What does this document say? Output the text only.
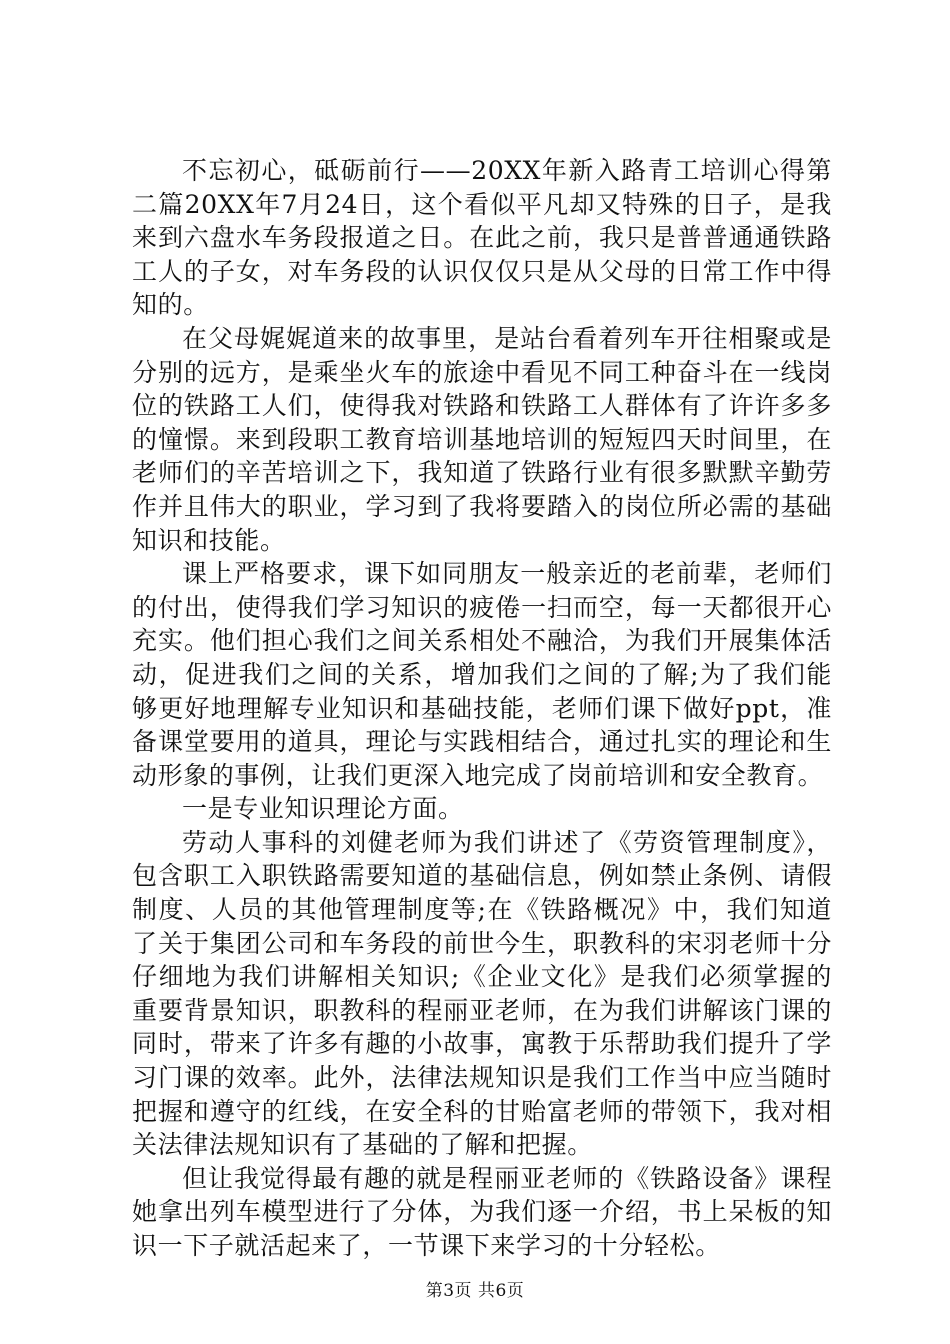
不忘初心，砥砺前行——20XX年新入路青工培训心得第二篇20XX年7月24日，这个看似平凡却又特殊的日子，是我来到六盘水车务段报道之日。在此之前，我只是普普通通铁路工人的子女，对车务段的认识仅仅只是从父母的日常工作中得知的。

在父母娓娓道来的故事里，是站台看着列车开往相聚或是分别的远方，是乘坐火车的旅途中看见不同工种奋斗在一线岗位的铁路工人们，使得我对铁路和铁路工人群体有了许许多多的憧憬。来到段职工教育培训基地培训的短短四天时间里，在老师们的辛苦培训之下，我知道了铁路行业有很多默默辛勤劳作并且伟大的职业，学习到了我将要踏入的岗位所必需的基础知识和技能。

课上严格要求，课下如同朋友一般亲近的老前辈，老师们的付出，使得我们学习知识的疲倦一扫而空，每一天都很开心充实。他们担心我们之间关系相处不融洽，为我们开展集体活动，促进我们之间的关系，增加我们之间的了解;为了我们能够更好地理解专业知识和基础技能，老师们课下做好ppt，准备课堂要用的道具，理论与实践相结合，通过扎实的理论和生动形象的事例，让我们更深入地完成了岗前培训和安全教育。

一是专业知识理论方面。

劳动人事科的刘健老师为我们讲述了《劳资管理制度》，包含职工入职铁路需要知道的基础信息，例如禁止条例、请假制度、人员的其他管理制度等;在《铁路概况》中，我们知道了关于集团公司和车务段的前世今生，职教科的宋羽老师十分仔细地为我们讲解相关知识;《企业文化》是我们必须掌握的重要背景知识，职教科的程丽亚老师，在为我们讲解该门课的同时，带来了许多有趣的小故事，寓教于乐帮助我们提升了学习门课的效率。此外，法律法规知识是我们工作当中应当随时把握和遵守的红线，在安全科的甘贻富老师的带领下，我对相关法律法规知识有了基础的了解和把握。

但让我觉得最有趣的就是程丽亚老师的《铁路设备》课程她拿出列车模型进行了分体，为我们逐一介绍，书上呆板的知识一下子就活起来了，一节课下来学习的十分轻松。

第3页 共6页
